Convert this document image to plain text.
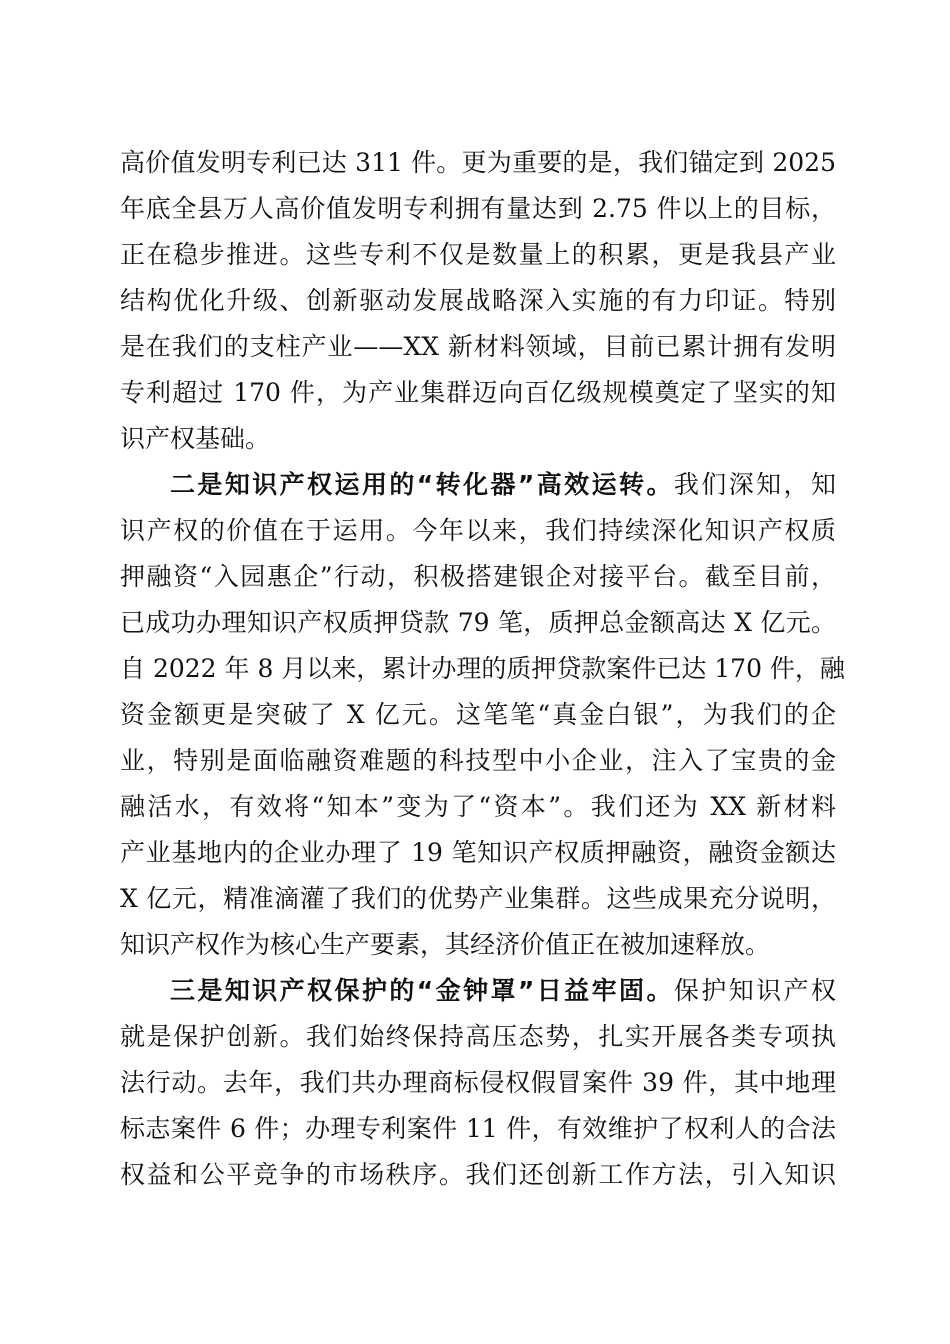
高价值发明专利已达 311 件。更为重要的是，我们锚定到 2025
年底全县万人高价值发明专利拥有量达到 2.75 件以上的目标，
正在稳步推进。这些专利不仅是数量上的积累，更是我县产业
结构优化升级、创新驱动发展战略深入实施的有力印证。特别
是在我们的支柱产业——XX 新材料领域，目前已累计拥有发明
专利超过 170 件，为产业集群迈向百亿级规模奠定了坚实的知
识产权基础。
二是知识产权运用的“转化器”高效运转。我们深知，知
识产权的价值在于运用。今年以来，我们持续深化知识产权质
押融资“入园惠企”行动，积极搭建银企对接平台。截至目前，
已成功办理知识产权质押贷款 79 笔，质押总金额高达 X 亿元。
自 2022 年 8 月以来，累计办理的质押贷款案件已达 170 件，融
资金额更是突破了 X 亿元。这笔笔“真金白银”，为我们的企
业，特别是面临融资难题的科技型中小企业，注入了宝贵的金
融活水，有效将“知本”变为了“资本”。我们还为 XX 新材料
产业基地内的企业办理了 19 笔知识产权质押融资，融资金额达
X 亿元，精准滴灌了我们的优势产业集群。这些成果充分说明，
知识产权作为核心生产要素，其经济价值正在被加速释放。
三是知识产权保护的“金钟罩”日益牢固。保护知识产权
就是保护创新。我们始终保持高压态势，扎实开展各类专项执
法行动。去年，我们共办理商标侵权假冒案件 39 件，其中地理
标志案件 6 件；办理专利案件 11 件，有效维护了权利人的合法
权益和公平竞争的市场秩序。我们还创新工作方法，引入知识
